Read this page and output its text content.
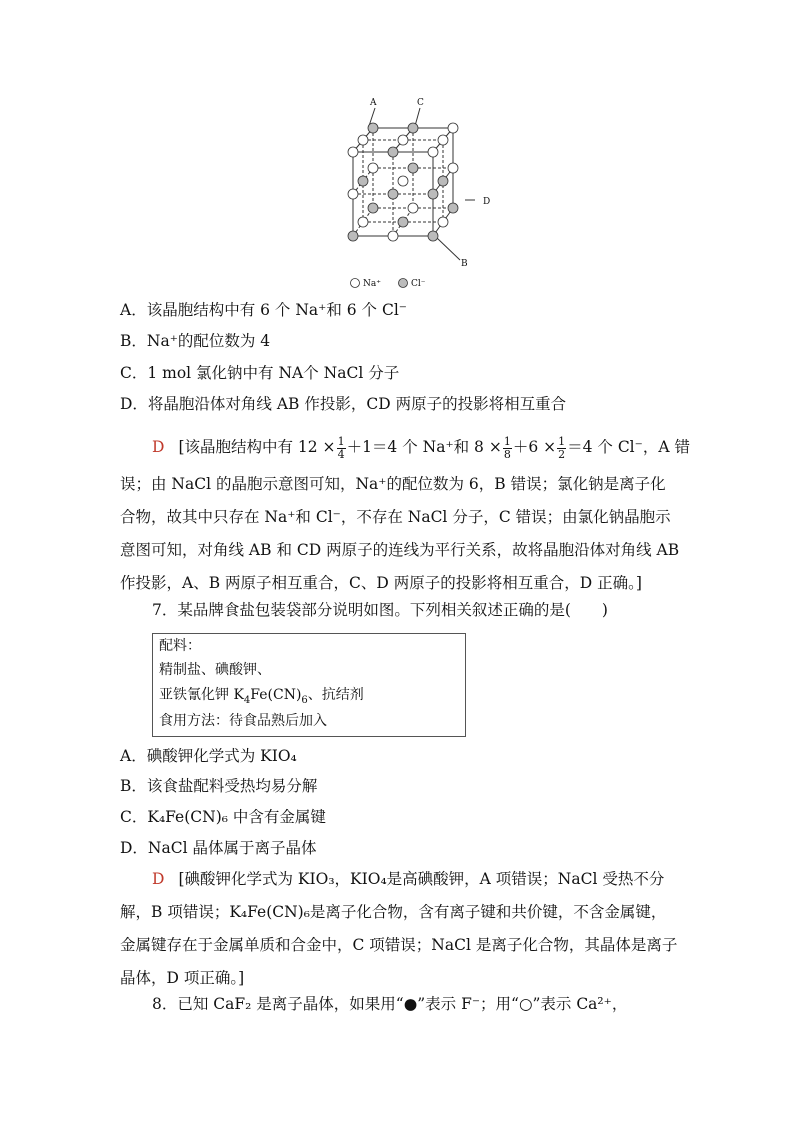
A	C
D
B
Na⁺	Cl⁻
A．该晶胞结构中有 6 个 Na⁺和 6 个 Cl⁻
B．Na⁺的配位数为 4
C．1 mol 氯化钠中有 NA个 NaCl 分子
D．将晶胞沿体对角线 AB 作投影，CD 两原子的投影将相互重合
D [该晶胞结构中有 $12 \times \frac{1}{4} +1=4$ 个 Na⁺和 $8 \times \frac{1}{8} +6 \times \frac{1}{2} =4$ 个 Cl⁻，A 错
误；由 NaCl 的晶胞示意图可知，Na⁺的配位数为 6，B 错误；氯化钠是离子化合物，故其中只存在 Na⁺和 Cl⁻，不存在 NaCl 分子，C 错误；由氯化钠晶胞示意图可知，对角线 AB 和 CD 两原子的连线为平行关系，故将晶胞沿体对角线 AB 作投影，A、B 两原子相互重合，C、D 两原子的投影将相互重合，D 正确。]
7．某品牌食盐包装袋部分说明如图。下列相关叙述正确的是(　　)
配料：
精制盐、碘酸钾、
亚铁氰化钾 $K_4Fe(CN)_6$、抗结剂
食用方法：待食品熟后加入
A．碘酸钾化学式为 KIO₄
B．该食盐配料受热均易分解
C．K₄Fe(CN)₆ 中含有金属键
D．NaCl 晶体属于离子晶体
D [碘酸钾化学式为 KIO₃，KIO₄是高碘酸钾，A 项错误；NaCl 受热不分解，B 项错误；K₄Fe(CN)₆是离子化合物，含有离子键和共价键，不含金属键，金属键存在于金属单质和合金中，C 项错误；NaCl 是离子化合物，其晶体是离子晶体，D 项正确。]
8．已知 CaF₂ 是离子晶体，如果用“●”表示 F⁻；用“○”表示 Ca²⁺，
